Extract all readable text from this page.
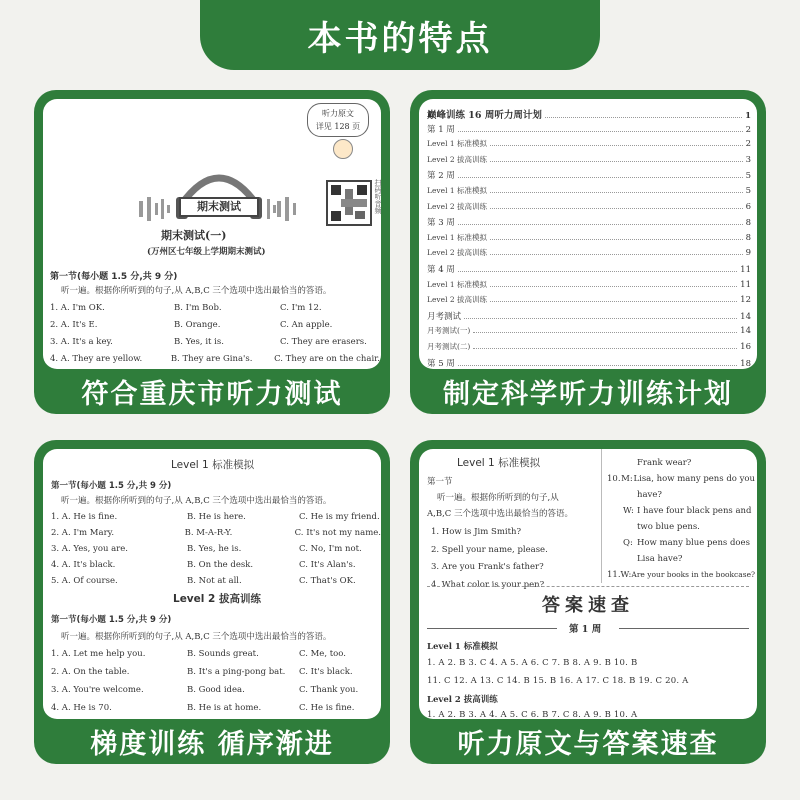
本书的特点
听力原文
详见 128 页
期末测试	扫码听音频
期末测试(一)
(万州区七年级上学期期末测试)
第一节(每小题 1.5 分,共 9 分)
听一遍。根据你所听到的句子,从 A,B,C 三个选项中选出最恰当的答语。
1. A. I'm OK.	B. I'm Bob.	C. I'm 12.
2. A. It's E.	B. Orange.	C. An apple.
3. A. It's a key.	B. Yes, it is.	C. They are erasers.
4. A. They are yellow.	B. They are Gina's.	C. They are on the chair.
符合重庆市听力测试
巅峰训练 16 周听力周计划	1
第 1 周	2
Level 1 标准模拟	2
Level 2 拔高训练	3
第 2 周	5
Level 1 标准模拟	5
Level 2 拔高训练	6
第 3 周	8
Level 1 标准模拟	8
Level 2 拔高训练	9
第 4 周	11
Level 1 标准模拟	11
Level 2 拔高训练	12
月考测试	14
月考测试(一)	14
月考测试(二)	16
第 5 周	18
制定科学听力训练计划
Level 1 标准模拟
第一节(每小题 1.5 分,共 9 分)
听一遍。根据你所听到的句子,从 A,B,C 三个选项中选出最恰当的答语。
1. A. He is fine.	B. He is here.	C. He is my friend.
2. A. I'm Mary.	B. M-A-R-Y.	C. It's not my name.
3. A. Yes, you are.	B. Yes, he is.	C. No, I'm not.
4. A. It's black.	B. On the desk.	C. It's Alan's.
5. A. Of course.	B. Not at all.	C. That's OK.
Level 2 拔高训练
第一节(每小题 1.5 分,共 9 分)
听一遍。根据你所听到的句子,从 A,B,C 三个选项中选出最恰当的答语。
1. A. Let me help you.	B. Sounds great.	C. Me, too.
2. A. On the table.	B. It's a ping-pong bat.	C. It's black.
3. A. You're welcome.	B. Good idea.	C. Thank you.
4. A. He is 70.	B. He is at home.	C. He is fine.
梯度训练 循序渐进
Level 1 标准模拟
第一节
听一遍。根据你所听到的句子,从
A,B,C 三个选项中选出最恰当的答语。
1. How is Jim Smith?
2. Spell your name, please.
3. Are you Frank's father?
4. What color is your pen?
Frank wear?
10. M: Lisa, how many pens do you
have?
W: I have four black pens and
two blue pens.
Q: How many blue pens does
Lisa have?
11. W: Are your books in the bookcase?
答案速查
第 1 周
Level 1 标准模拟
1. A 2. B 3. C 4. A 5. A 6. C 7. B 8. A 9. B 10. B
11. C 12. A 13. C 14. B 15. B 16. A 17. C 18. B 19. C 20. A
Level 2 拔高训练
1. A 2. B 3. A 4. A 5. C 6. B 7. C 8. A 9. B 10. A
听力原文与答案速查
